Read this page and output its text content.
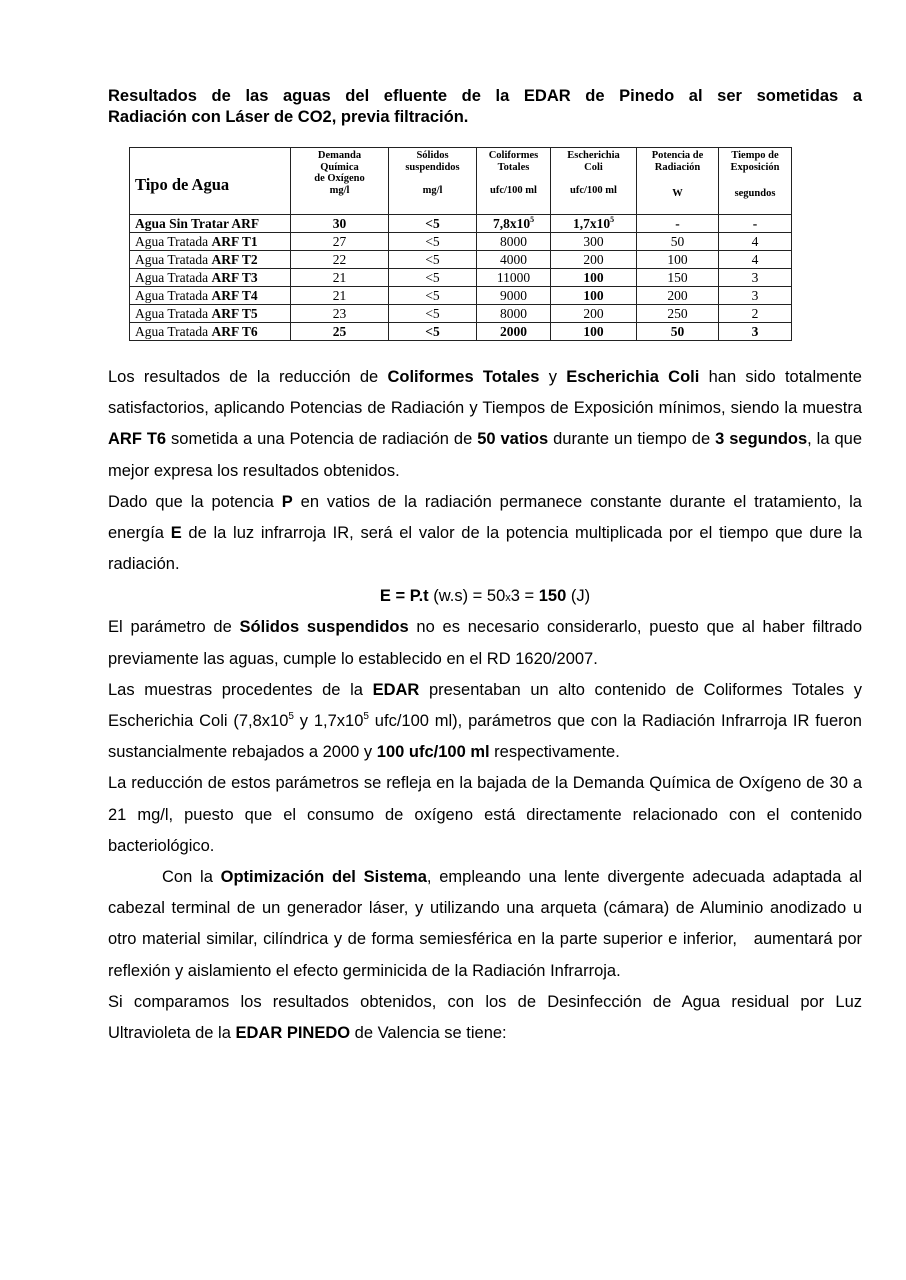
Resultados de las aguas del efluente de la EDAR de Pinedo al ser sometidas a
Radiación con Láser de CO2, previa filtración.
Tipo de Agua	Demanda
Química
de Oxígeno
mg/l	Sólidos
suspendidos

mg/l	Coliformes
Totales

ufc/100 ml	Escherichia
Coli

ufc/100 ml	Potencia de
Radiación

W	Tiempo de
Exposición

segundos
Agua Sin Tratar ARF	30	<5	$7,8x10^5$	$1,7x10^5$	-	-
Agua Tratada ARF T1	27	<5	8000	300	50	4
Agua Tratada ARF T2	22	<5	4000	200	100	4
Agua Tratada ARF T3	21	<5	11000	100	150	3
Agua Tratada ARF T4	21	<5	9000	100	200	3
Agua Tratada ARF T5	23	<5	8000	200	250	2
Agua Tratada ARF T6	25	<5	2000	100	50	3

Los resultados de la reducción de Coliformes Totales y Escherichia Coli han sido totalmente satisfactorios, aplicando Potencias de Radiación y Tiempos de Exposición mínimos, siendo la muestra ARF T6 sometida a una Potencia de radiación de 50 vatios durante un tiempo de 3 segundos, la que mejor expresa los resultados obtenidos.

Dado que la potencia P en vatios de la radiación permanece constante durante el tratamiento, la energía E de la luz infrarroja IR, será el valor de la potencia multiplicada por el tiempo que dure la radiación.

E = P.t (w.s) = 50x3 = 150 (J)

El parámetro de Sólidos suspendidos no es necesario considerarlo, puesto que al haber filtrado previamente las aguas, cumple lo establecido en el RD 1620/2007.

Las muestras procedentes de la EDAR presentaban un alto contenido de Coliformes Totales y Escherichia Coli ($7,8x10^5$ y $1,7x10^5$ ufc/100 ml), parámetros que con la Radiación Infrarroja IR fueron sustancialmente rebajados a 2000 y 100 ufc/100 ml respectivamente.

La reducción de estos parámetros se refleja en la bajada de la Demanda Química de Oxígeno de 30 a 21 mg/l, puesto que el consumo de oxígeno está directamente relacionado con el contenido bacteriológico.

Con la Optimización del Sistema, empleando una lente divergente adecuada adaptada al cabezal terminal de un generador láser, y utilizando una arqueta (cámara) de Aluminio anodizado u otro material similar, cilíndrica y de forma semiesférica en la parte superior e inferior,   aumentará por reflexión y aislamiento el efecto germinicida de la Radiación Infrarroja.

Si comparamos los resultados obtenidos, con los de Desinfección de Agua residual por Luz Ultravioleta de la EDAR PINEDO de Valencia se tiene:
